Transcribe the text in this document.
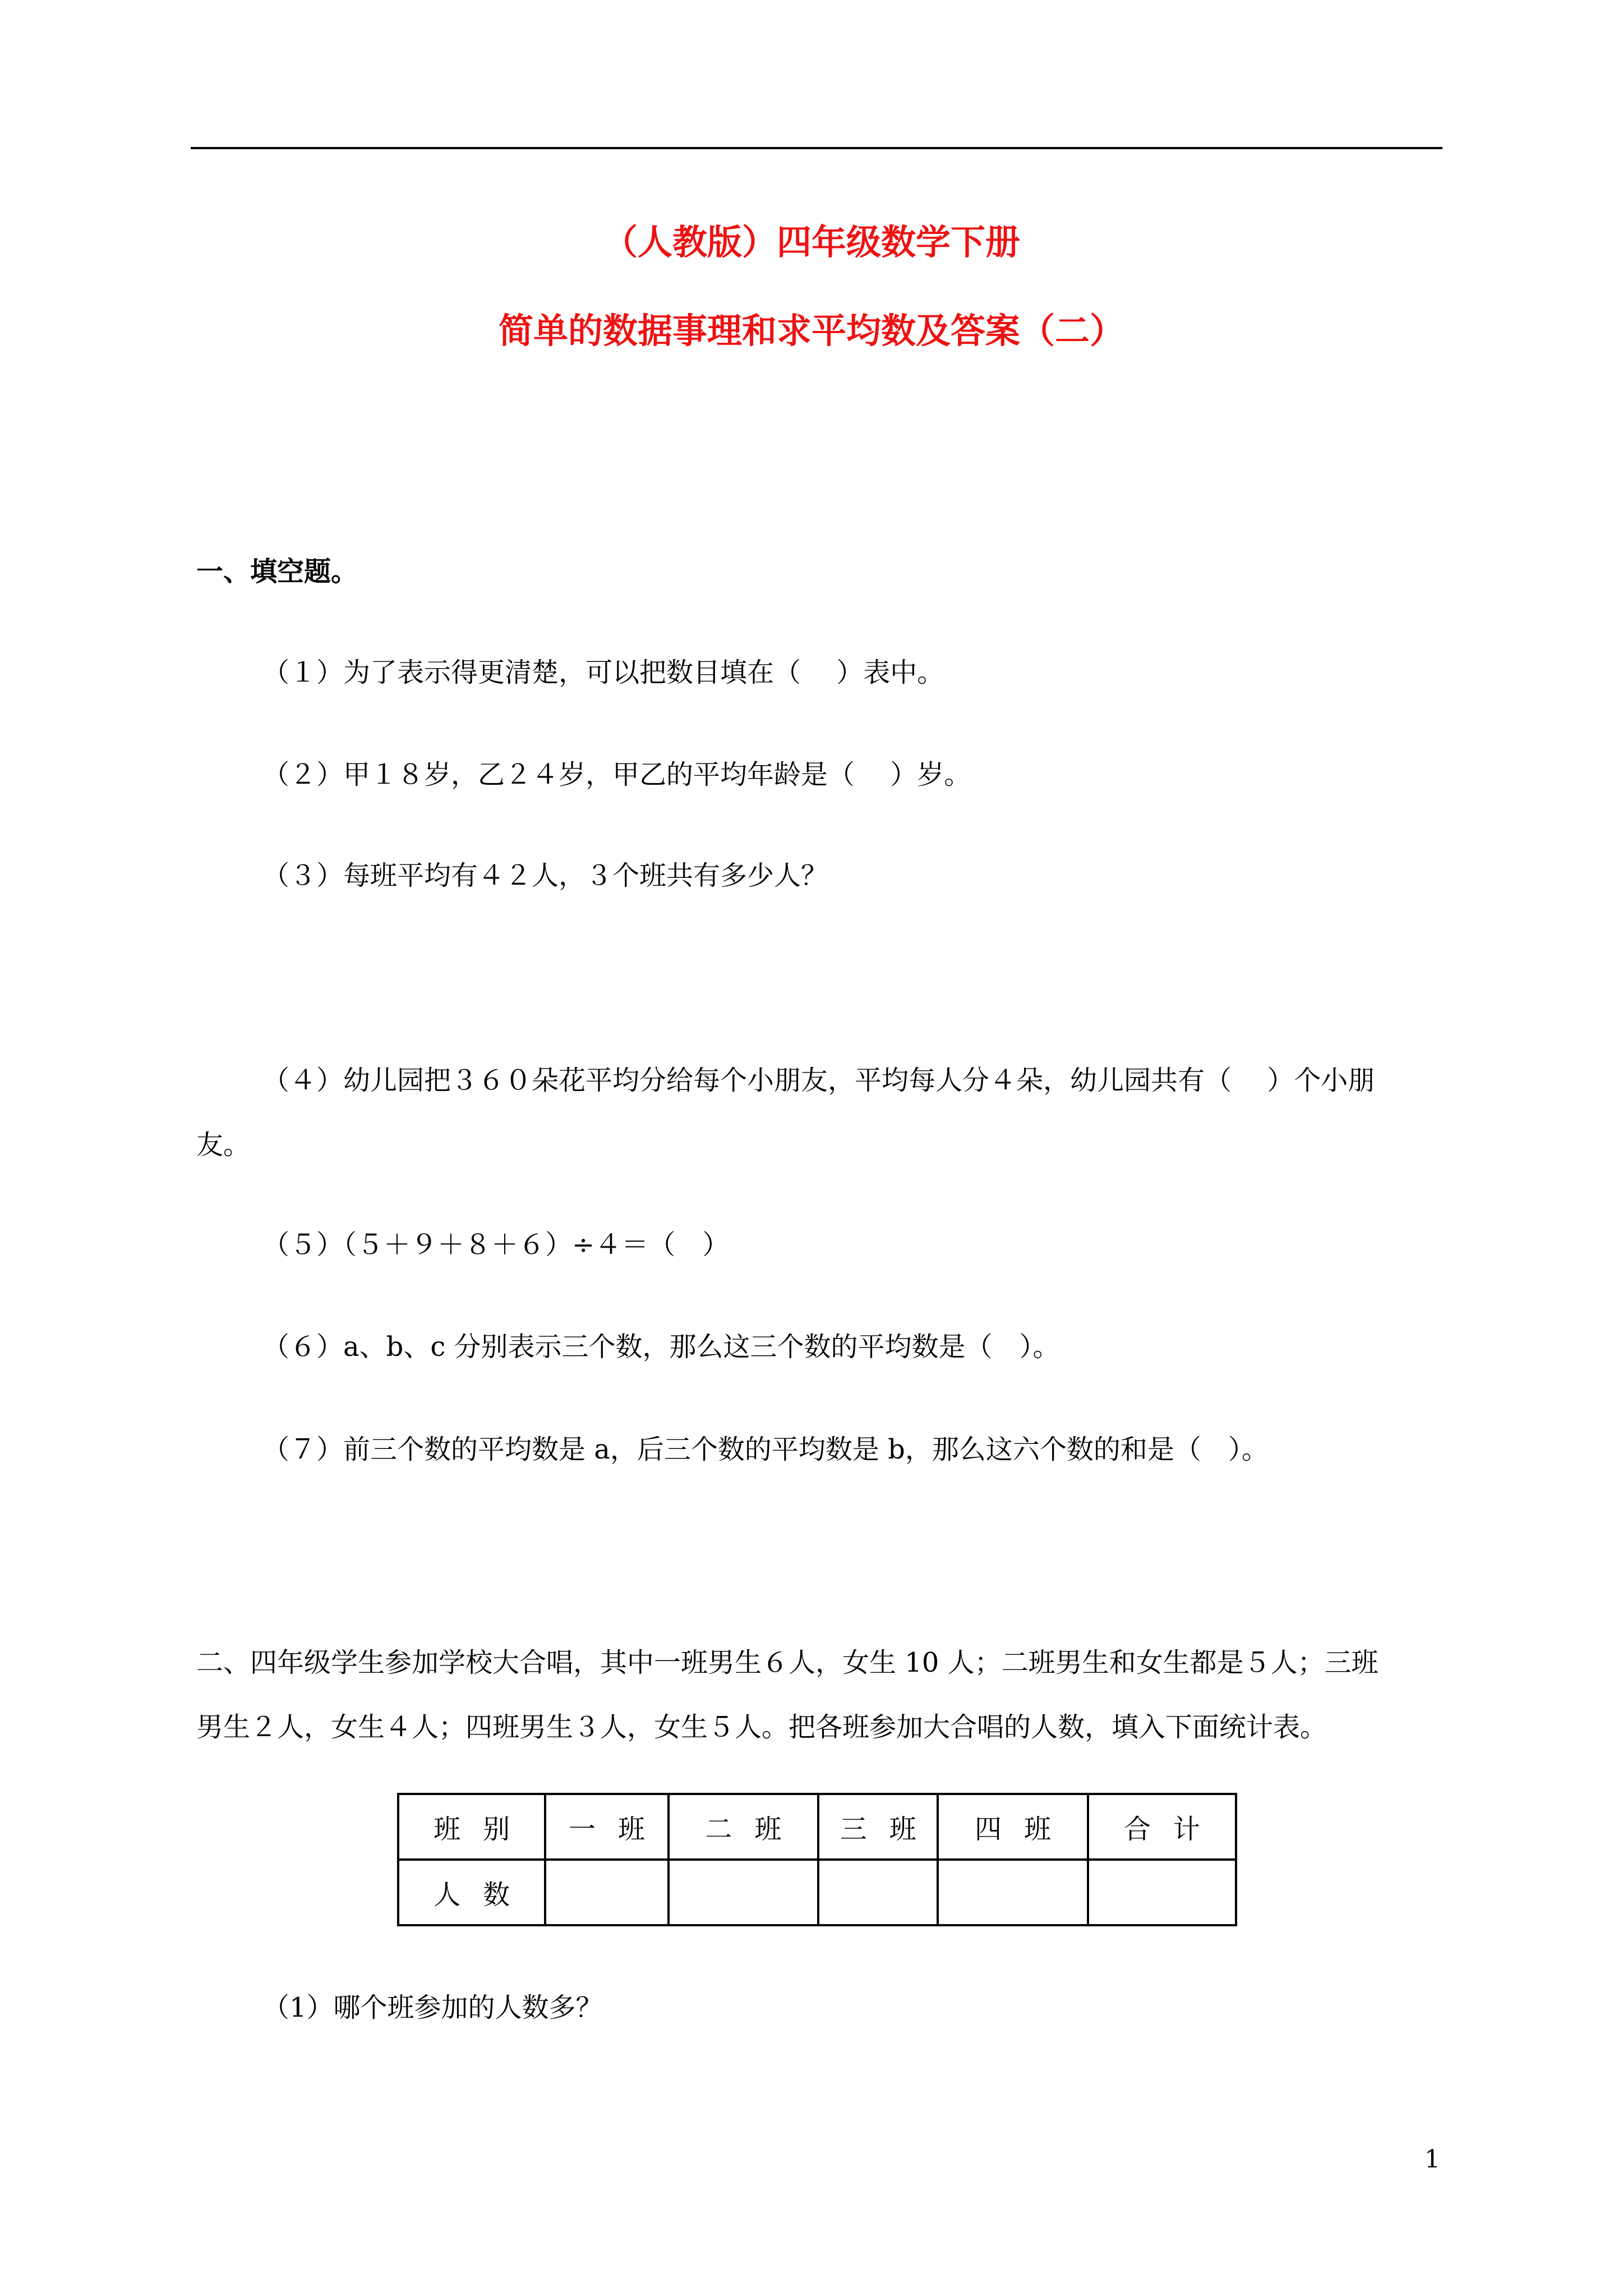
（人教版）四年级数学下册
简单的数据事理和求平均数及答案（二）
一、填空题。
（１）为了表示得更清楚，可以把数目填在（　 ）表中。
（２）甲１８岁，乙２４岁，甲乙的平均年龄是（　 ）岁。
（３）每班平均有４２人，３个班共有多少人？
（４）幼儿园把３６０朵花平均分给每个小朋友，平均每人分４朵，幼儿园共有（　 ）个小朋
友。
（５）（５＋９＋８＋６）÷４＝（　）
（６）a、b、c 分别表示三个数，那么这三个数的平均数是（　）。
（７）前三个数的平均数是 a，后三个数的平均数是 b，那么这六个数的和是（　）。
二、四年级学生参加学校大合唱，其中一班男生６人，女生 10 人；二班男生和女生都是５人；三班
男生２人，女生４人；四班男生３人，女生５人。把各班参加大合唱的人数，填入下面统计表。
班别	一班	二班	三班	四班	合计
人数					
（1）哪个班参加的人数多？
1
